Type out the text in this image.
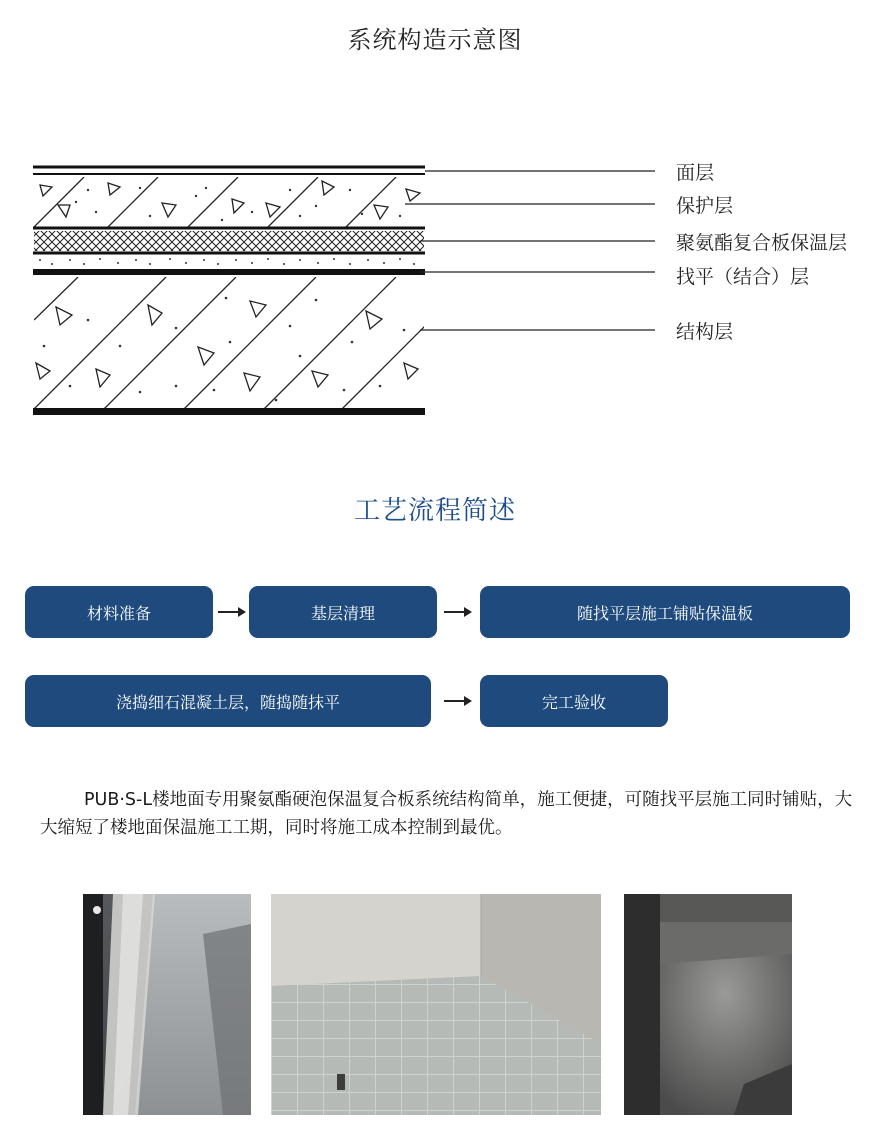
系统构造示意图
面层
保护层
聚氨酯复合板保温层
找平（结合）层
结构层
工艺流程简述
材料准备	基层清理	随找平层施工铺贴保温板
浇捣细石混凝土层，随捣随抹平	完工验收
PUB·S-L楼地面专用聚氨酯硬泡保温复合板系统结构简单，施工便捷，可随找平层施工同时铺贴，大大缩短了楼地面保温施工工期，同时将施工成本控制到最优。
